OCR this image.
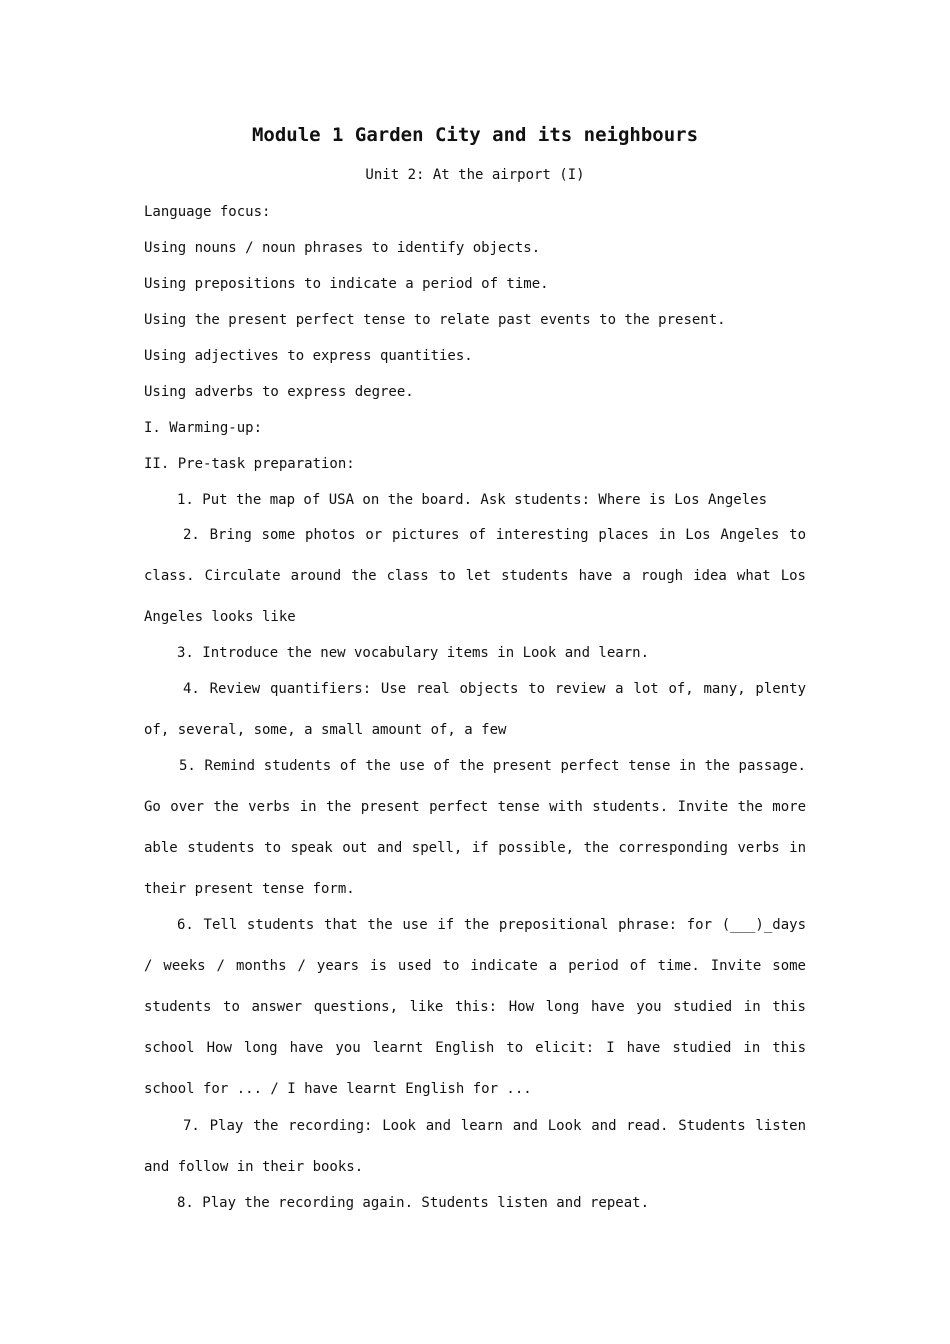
Module 1 Garden City and its neighbours
Unit 2: At the airport (I)
Language focus:
Using nouns / noun phrases to identify objects.
Using prepositions to indicate a period of time.
Using the present perfect tense to relate past events to the present.
Using adjectives to express quantities.
Using adverbs to express degree.
I. Warming-up:
II. Pre-task preparation:
1. Put the map of USA on the board. Ask students: Where is Los Angeles
2. Bring some photos or pictures of interesting places in Los Angeles to class. Circulate around the class to let students have a rough idea what Los Angeles looks like
3. Introduce the new vocabulary items in Look and learn.
4. Review quantifiers: Use real objects to review a lot of, many, plenty of, several, some, a small amount of, a few
5. Remind students of the use of the present perfect tense in the passage. Go over the verbs in the present perfect tense with students. Invite the more able students to speak out and spell, if possible, the corresponding verbs in their present tense form.
6. Tell students that the use if the prepositional phrase: for (___)_days / weeks / months / years is used to indicate a period of time. Invite some students to answer questions, like this: How long have you studied in this school How long have you learnt English to elicit: I have studied in this school for ... / I have learnt English for ...
7. Play the recording: Look and learn and Look and read. Students listen and follow in their books.
8. Play the recording again. Students listen and repeat.
